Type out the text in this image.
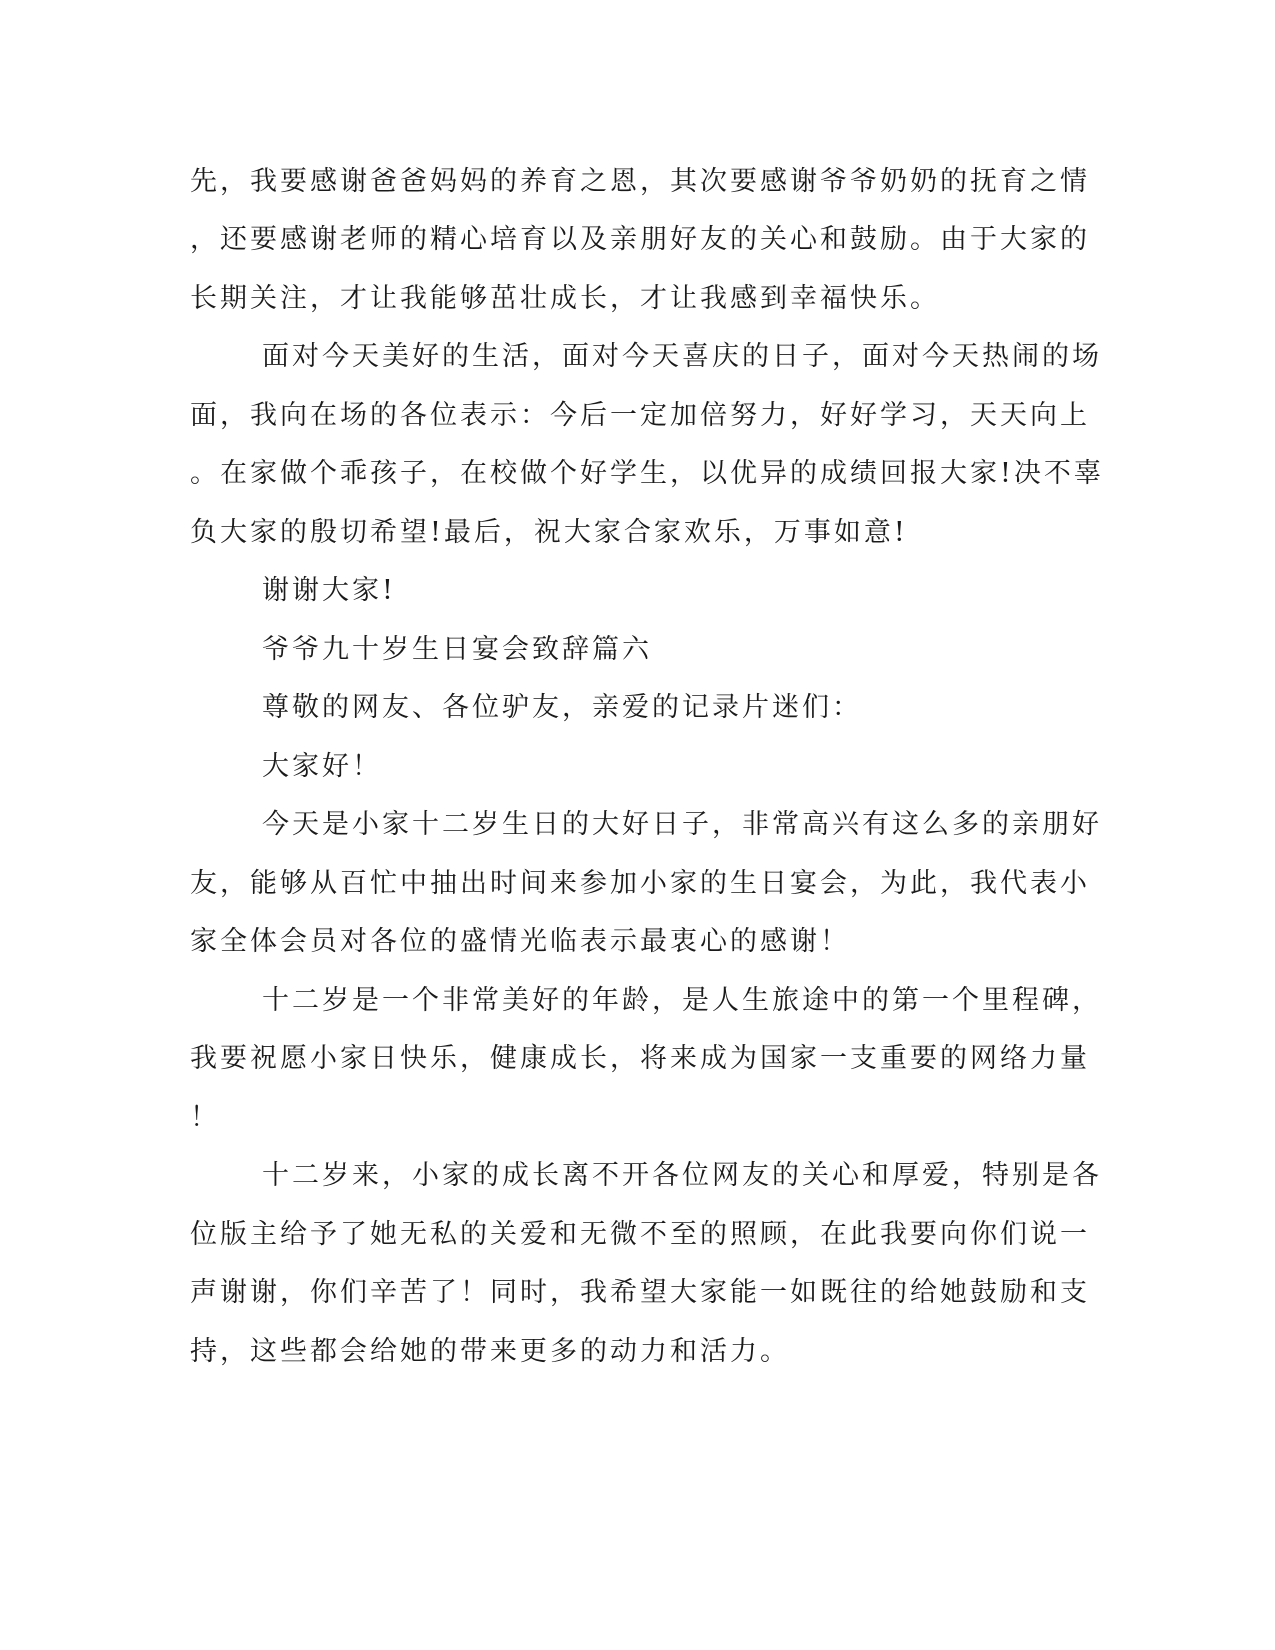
先，我要感谢爸爸妈妈的养育之恩，其次要感谢爷爷奶奶的抚育之情
，还要感谢老师的精心培育以及亲朋好友的关心和鼓励。由于大家的
长期关注，才让我能够茁壮成长，才让我感到幸福快乐。
面对今天美好的生活，面对今天喜庆的日子，面对今天热闹的场
面，我向在场的各位表示：今后一定加倍努力，好好学习，天天向上
。在家做个乖孩子，在校做个好学生，以优异的成绩回报大家!决不辜
负大家的殷切希望!最后，祝大家合家欢乐，万事如意!
谢谢大家!
爷爷九十岁生日宴会致辞篇六
尊敬的网友、各位驴友，亲爱的记录片迷们：
大家好！
今天是小家十二岁生日的大好日子，非常高兴有这么多的亲朋好
友，能够从百忙中抽出时间来参加小家的生日宴会，为此，我代表小
家全体会员对各位的盛情光临表示最衷心的感谢！
十二岁是一个非常美好的年龄，是人生旅途中的第一个里程碑，
我要祝愿小家日快乐，健康成长，将来成为国家一支重要的网络力量
！
十二岁来，小家的成长离不开各位网友的关心和厚爱，特别是各
位版主给予了她无私的关爱和无微不至的照顾，在此我要向你们说一
声谢谢，你们辛苦了！同时，我希望大家能一如既往的给她鼓励和支
持，这些都会给她的带来更多的动力和活力。
